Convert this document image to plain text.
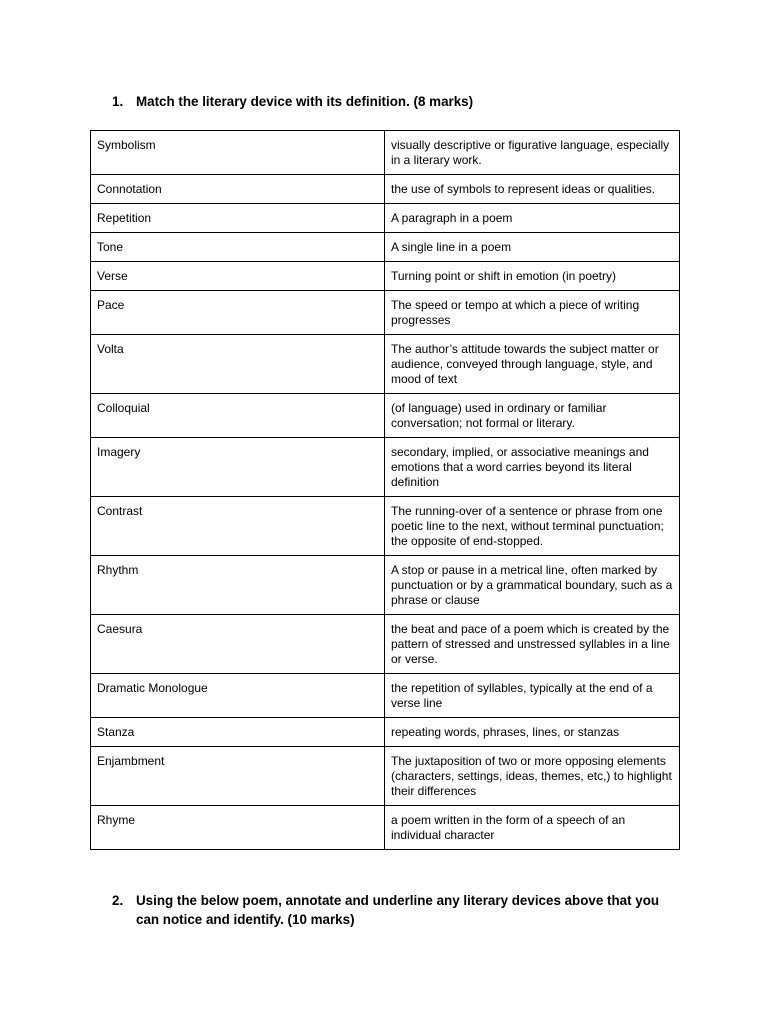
1. Match the literary device with its definition. (8 marks)
Symbolism	visually descriptive or figurative language, especially in a literary work.
Connotation	the use of symbols to represent ideas or qualities.
Repetition	A paragraph in a poem
Tone	A single line in a poem
Verse	Turning point or shift in emotion (in poetry)
Pace	The speed or tempo at which a piece of writing progresses
Volta	The author’s attitude towards the subject matter or audience, conveyed through language, style, and mood of text
Colloquial	(of language) used in ordinary or familiar conversation; not formal or literary.
Imagery	secondary, implied, or associative meanings and emotions that a word carries beyond its literal definition
Contrast	The running-over of a sentence or phrase from one poetic line to the next, without terminal punctuation; the opposite of end-stopped.
Rhythm	A stop or pause in a metrical line, often marked by punctuation or by a grammatical boundary, such as a phrase or clause
Caesura	the beat and pace of a poem which is created by the pattern of stressed and unstressed syllables in a line or verse.
Dramatic Monologue	the repetition of syllables, typically at the end of a verse line
Stanza	repeating words, phrases, lines, or stanzas
Enjambment	The juxtaposition of two or more opposing elements (characters, settings, ideas, themes, etc,) to highlight their differences
Rhyme	a poem written in the form of a speech of an individual character
2. Using the below poem, annotate and underline any literary devices above that you can notice and identify. (10 marks)
